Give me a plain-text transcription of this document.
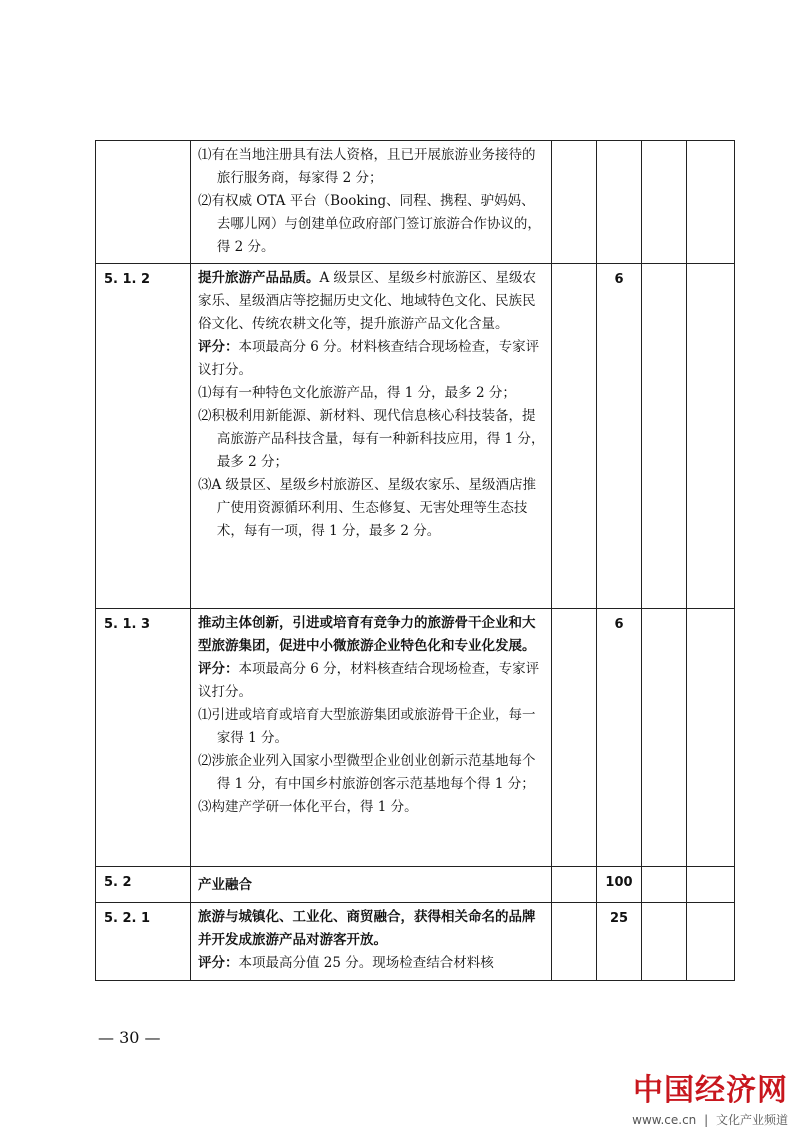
	⑴有在当地注册具有法人资格，且已开展旅游业务接待的旅行服务商，每家得 2 分；

⑵有权威 OTA 平台（Booking、同程、携程、驴妈妈、去哪儿网）与创建单位政府部门签订旅游合作协议的，得 2 分。				

5. 1. 2	提升旅游产品品质。A 级景区、星级乡村旅游区、星级农家乐、星级酒店等挖掘历史文化、地域特色文化、民族民俗文化、传统农耕文化等，提升旅游产品文化含量。

评分：本项最高分 6 分。材料核查结合现场检查，专家评议打分。

⑴每有一种特色文化旅游产品，得 1 分，最多 2 分；

⑵积极利用新能源、新材料、现代信息核心科技装备，提高旅游产品科技含量，每有一种新科技应用，得 1 分，最多 2 分；

⑶A 级景区、星级乡村旅游区、星级农家乐、星级酒店推广使用资源循环利用、生态修复、无害处理等生态技术，每有一项，得 1 分，最多 2 分。		6		
5. 1. 3	推动主体创新，引进或培育有竞争力的旅游骨干企业和大型旅游集团，促进中小微旅游企业特色化和专业化发展。

评分：本项最高分 6 分，材料核查结合现场检查，专家评议打分。

⑴引进或培育或培育大型旅游集团或旅游骨干企业，每一家得 1 分。

⑵涉旅企业列入国家小型微型企业创业创新示范基地每个得 1 分，有中国乡村旅游创客示范基地每个得 1 分；

⑶构建产学研一体化平台，得 1 分。		6		
5. 2	产业融合		100		
5. 2. 1	旅游与城镇化、工业化、商贸融合，获得相关命名的品牌并开发成旅游产品对游客开放。

评分：本项最高分值 25 分。现场检查结合材料核		25		
— 30 —
中国经济网
www.ce.cn | 文化产业频道
